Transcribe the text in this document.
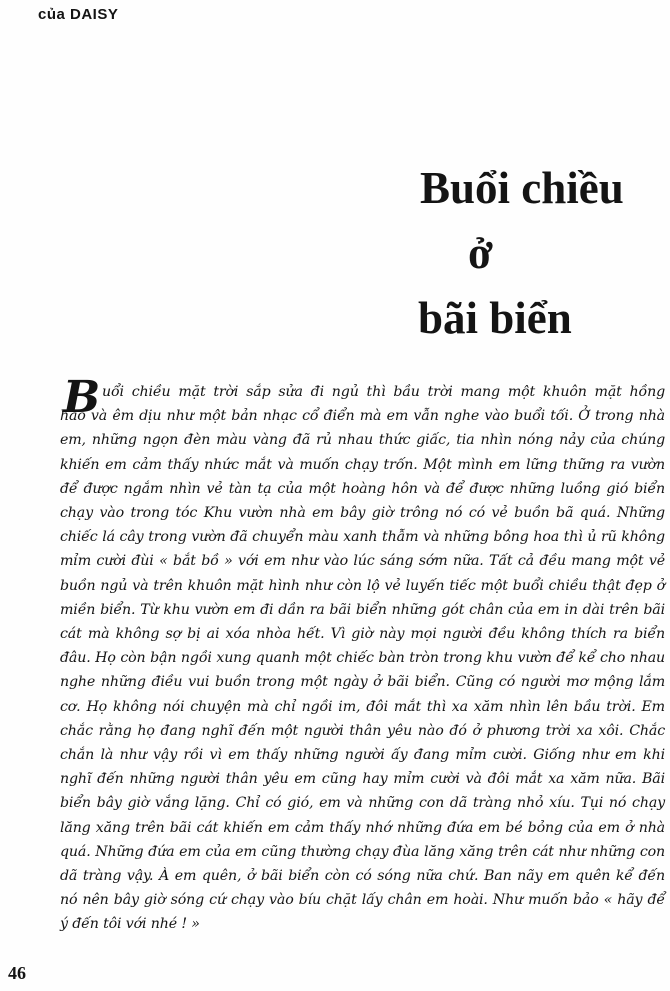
của DAISY
Buổi chiều
ở
bãi biển
B uổi chiều mặt trời sắp sửa đi ngủ thì bầu trời mang một khuôn mặt hồng
hào và êm dịu như một bản nhạc cổ điển mà em vẫn nghe vào buổi tối. Ở trong nhà
em, những ngọn đèn màu vàng đã rủ nhau thức giấc, tia nhìn nóng nảy của chúng
khiến em cảm thấy nhức mắt và muốn chạy trốn. Một mình em lững thững ra vườn
để được ngắm nhìn vẻ tàn tạ của một hoàng hôn và để được những luồng gió biển
chạy vào trong tóc Khu vườn nhà em bây giờ trông nó có vẻ buồn bã quá. Những
chiếc lá cây trong vườn đã chuyển màu xanh thẫm và những bông hoa thì ủ rũ không
mỉm cười đùi « bắt bồ » với em như vào lúc sáng sớm nữa. Tất cả đều mang một vẻ
buồn ngủ và trên khuôn mặt hình như còn lộ vẻ luyến tiếc một buổi chiều thật đẹp ở
miền biển. Từ khu vườn em đi dần ra bãi biển những gót chân của em in dài trên bãi
cát mà không sợ bị ai xóa nhòa hết. Vì giờ này mọi người đều không thích ra biển
đâu. Họ còn bận ngồi xung quanh một chiếc bàn tròn trong khu vườn để kể cho nhau
nghe những điều vui buồn trong một ngày ở bãi biển. Cũng có người mơ mộng lắm
cơ. Họ không nói chuyện mà chỉ ngồi im, đôi mắt thì xa xăm nhìn lên bầu trời. Em
chắc rằng họ đang nghĩ đến một người thân yêu nào đó ở phương trời xa xôi. Chắc
chắn là như vậy rồi vì em thấy những người ấy đang mỉm cười. Giống như em khi
nghĩ đến những người thân yêu em cũng hay mỉm cười và đôi mắt xa xăm nữa. Bãi
biển bây giờ vắng lặng. Chỉ có gió, em và những con dã tràng nhỏ xíu. Tụi nó chạy
lăng xăng trên bãi cát khiến em cảm thấy nhớ những đứa em bé bỏng của em ở nhà
quá. Những đứa em của em cũng thường chạy đùa lăng xăng trên cát như những con
dã tràng vậy. À em quên, ở bãi biển còn có sóng nữa chứ. Ban nãy em quên kể đến
nó nên bây giờ sóng cứ chạy vào bíu chặt lấy chân em hoài. Như muốn bảo « hãy để
ý đến tôi với nhé ! »
46
